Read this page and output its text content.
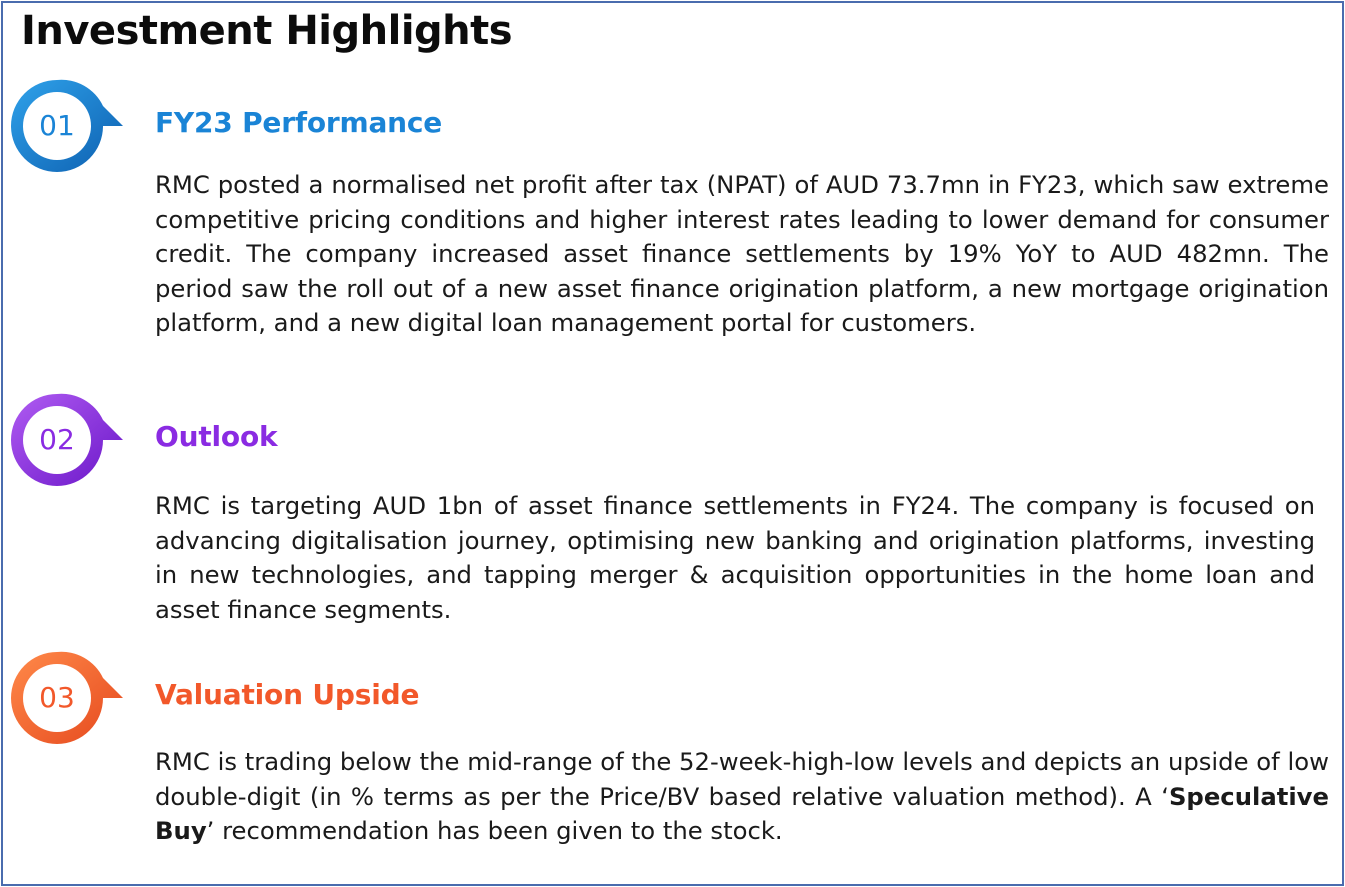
Investment Highlights
01	FY23 Performance

RMC posted a normalised net profit after tax (NPAT) of AUD 73.7mn in FY23, which saw extreme competitive pricing conditions and higher interest rates leading to lower demand for consumer credit. The company increased asset finance settlements by 19% YoY to AUD 482mn. The period saw the roll out of a new asset finance origination platform, a new mortgage origination platform, and a new digital loan management portal for customers.

02	Outlook

RMC is targeting AUD 1bn of asset finance settlements in FY24. The company is focused on advancing digitalisation journey, optimising new banking and origination platforms, investing in new technologies, and tapping merger & acquisition opportunities in the home loan and asset finance segments.

03	Valuation Upside

RMC is trading below the mid-range of the 52-week-high-low levels and depicts an upside of low double-digit (in % terms as per the Price/BV based relative valuation method). A ‘Speculative Buy’ recommendation has been given to the stock.
